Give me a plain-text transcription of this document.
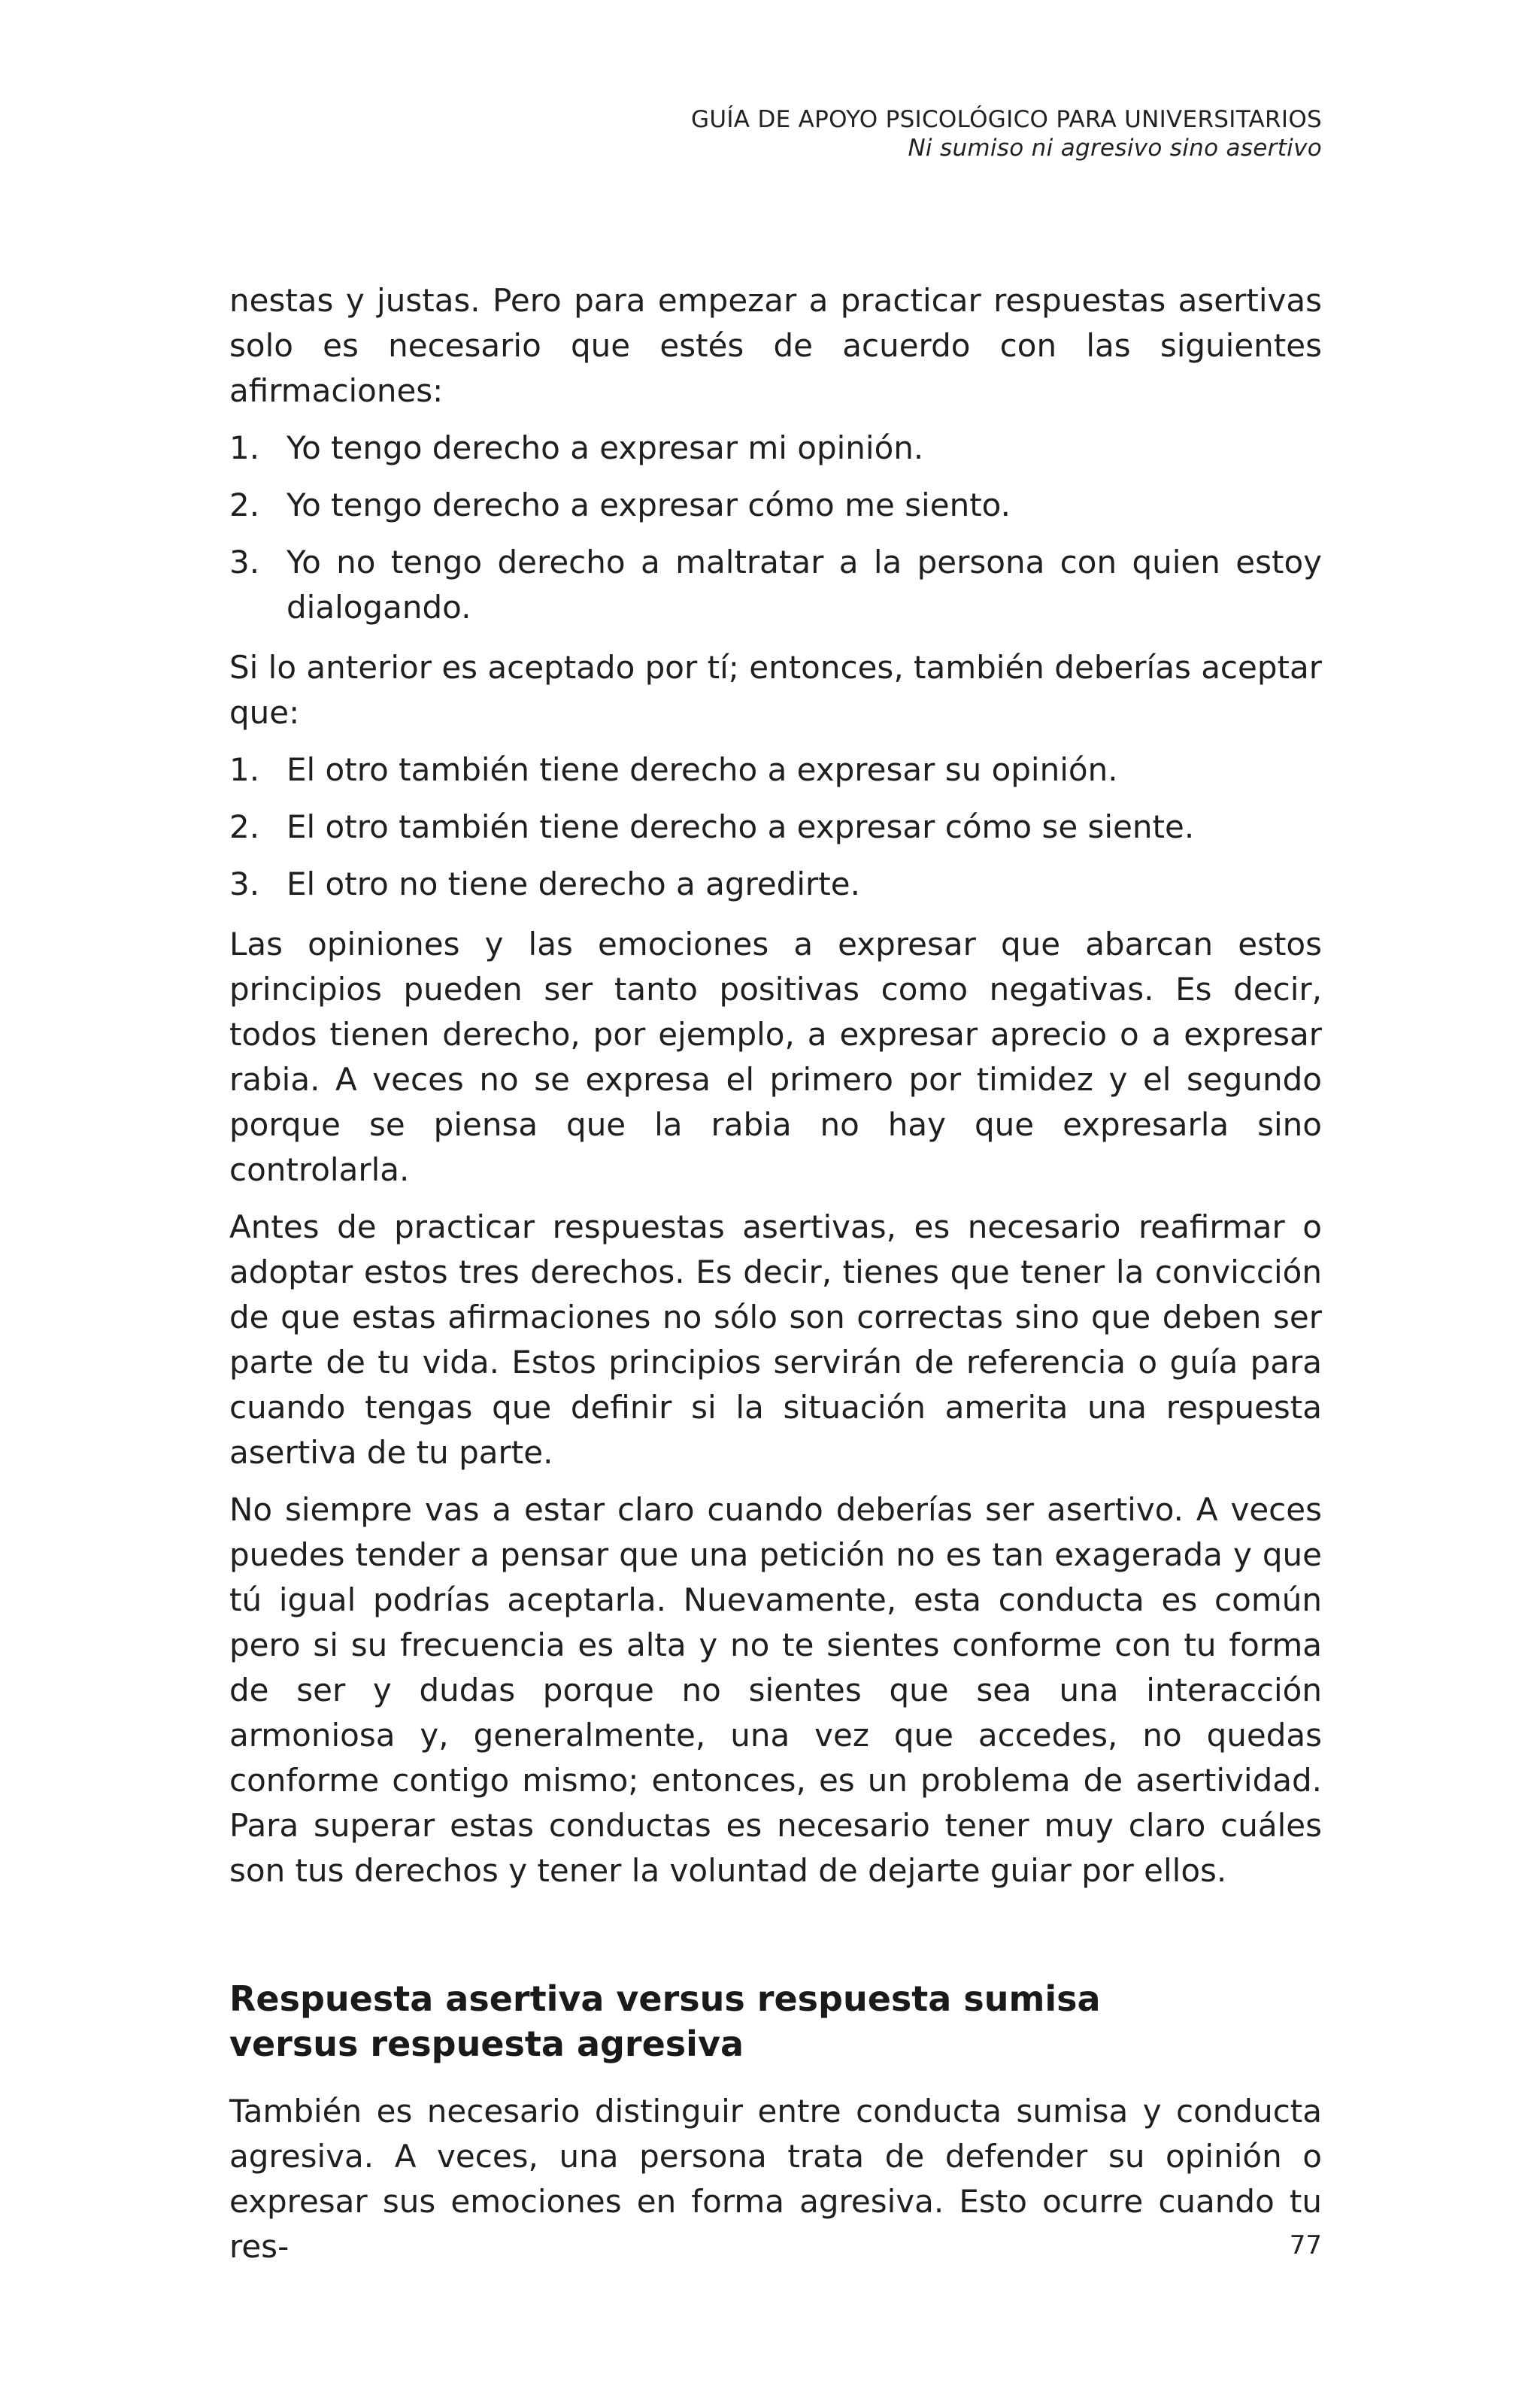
GUÍA DE APOYO PSICOLÓGICO PARA UNIVERSITARIOS
Ni sumiso ni agresivo sino asertivo

nestas y justas. Pero para empezar a practicar respuestas asertivas solo es necesario que estés de acuerdo con las siguientes afirmaciones:

1. Yo tengo derecho a expresar mi opinión.
2. Yo tengo derecho a expresar cómo me siento.
3. Yo no tengo derecho a maltratar a la persona con quien estoy dialogando.

Si lo anterior es aceptado por tí; entonces, también deberías aceptar que:

1. El otro también tiene derecho a expresar su opinión.
2. El otro también tiene derecho a expresar cómo se siente.
3. El otro no tiene derecho a agredirte.

Las opiniones y las emociones a expresar que abarcan estos principios pueden ser tanto positivas como negativas. Es decir, todos tienen derecho, por ejemplo, a expresar aprecio o a expresar rabia. A veces no se expresa el primero por timidez y el segundo porque se piensa que la rabia no hay que expresarla sino controlarla.

Antes de practicar respuestas asertivas, es necesario reafirmar o adoptar estos tres derechos. Es decir, tienes que tener la convicción de que estas afirmaciones no sólo son correctas sino que deben ser parte de tu vida. Estos principios servirán de referencia o guía para cuando tengas que definir si la situación amerita una respuesta asertiva de tu parte.

No siempre vas a estar claro cuando deberías ser asertivo. A veces puedes tender a pensar que una petición no es tan exagerada y que tú igual podrías aceptarla. Nuevamente, esta conducta es común pero si su frecuencia es alta y no te sientes conforme con tu forma de ser y dudas porque no sientes que sea una interacción armoniosa y, generalmente, una vez que accedes, no quedas conforme contigo mismo; entonces, es un problema de asertividad. Para superar estas conductas es necesario tener muy claro cuáles son tus derechos y tener la voluntad de dejarte guiar por ellos.

Respuesta asertiva versus respuesta sumisa
versus respuesta agresiva

También es necesario distinguir entre conducta sumisa y conducta agresiva. A veces, una persona trata de defender su opinión o expresar sus emociones en forma agresiva. Esto ocurre cuando tu res-	77
